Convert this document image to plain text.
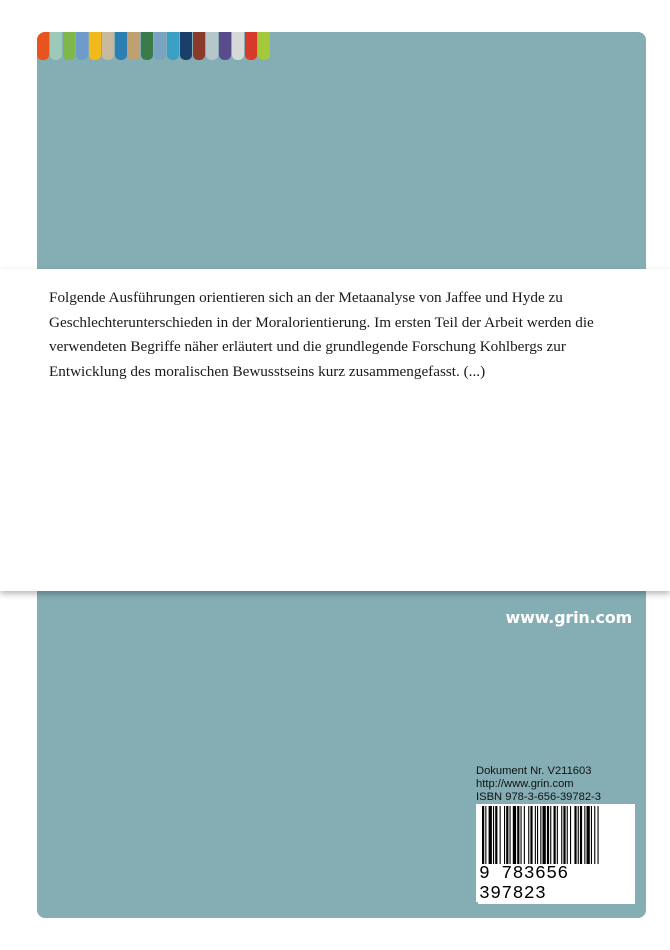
Folgende Ausführungen orientieren sich an der Metaanalyse von Jaffee und Hyde zu Geschlechterunterschieden in der Moralorientierung. Im ersten Teil der Arbeit werden die verwendeten Begriffe näher erläutert und die grundlegende Forschung Kohlbergs zur Entwicklung des moralischen Bewusstseins kurz zusammengefasst. (...)

www.grin.com
Dokument Nr. V211603
http://www.grin.com
ISBN 978-3-656-39782-3
9 783656 397823
